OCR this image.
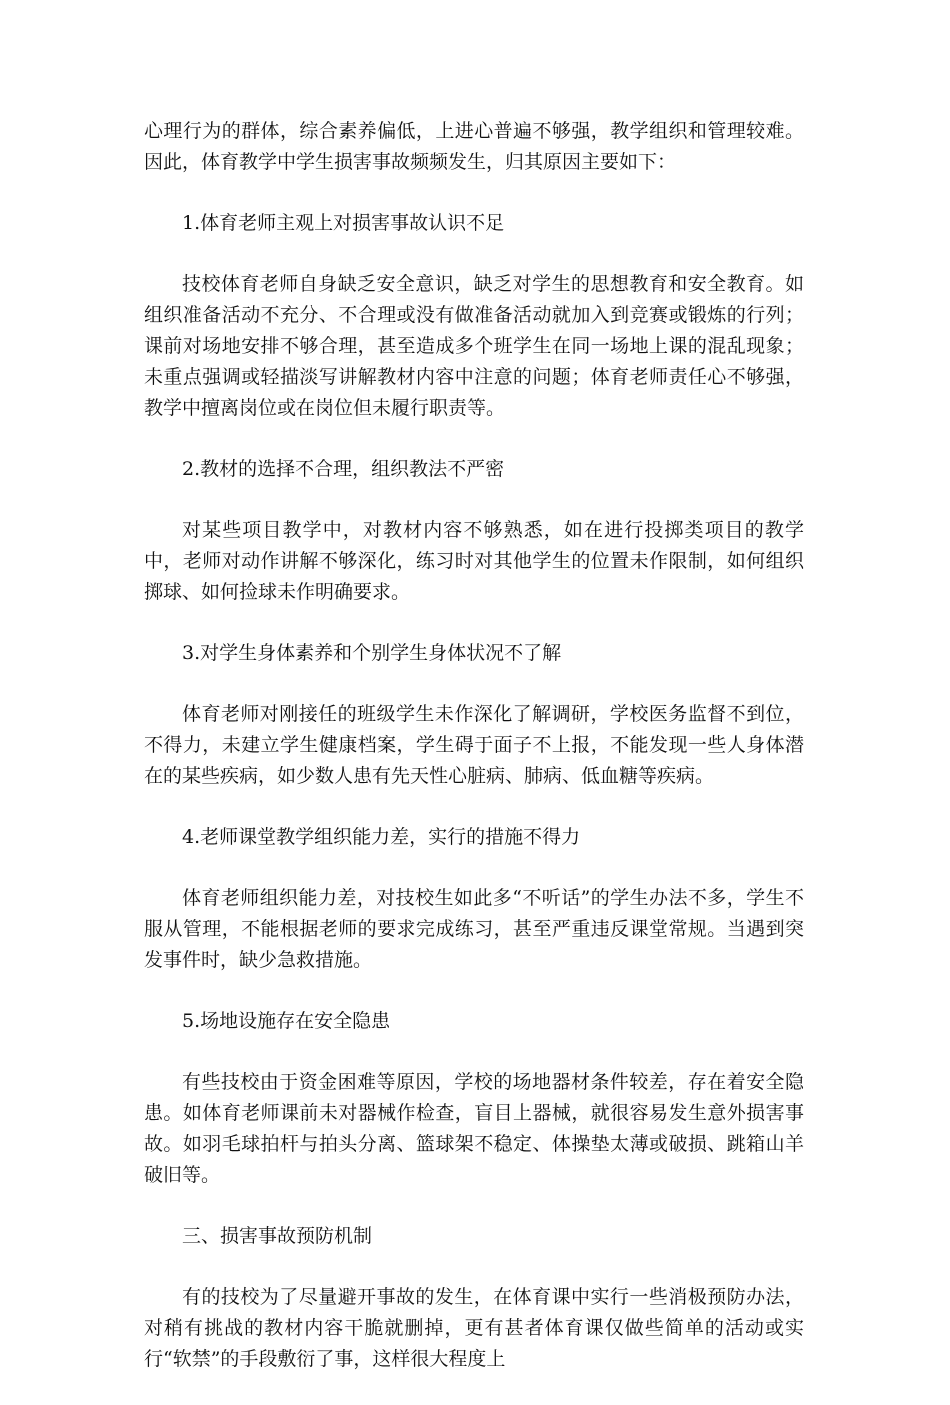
心理行为的群体，综合素养偏低，上进心普遍不够强，教学组织和管理较难。因此，体育教学中学生损害事故频频发生，归其原因主要如下：

1.体育老师主观上对损害事故认识不足

技校体育老师自身缺乏安全意识，缺乏对学生的思想教育和安全教育。如组织准备活动不充分、不合理或没有做准备活动就加入到竞赛或锻炼的行列；课前对场地安排不够合理，甚至造成多个班学生在同一场地上课的混乱现象；未重点强调或轻描淡写讲解教材内容中注意的问题；体育老师责任心不够强，教学中擅离岗位或在岗位但未履行职责等。

2.教材的选择不合理，组织教法不严密

对某些项目教学中，对教材内容不够熟悉，如在进行投掷类项目的教学中，老师对动作讲解不够深化，练习时对其他学生的位置未作限制，如何组织掷球、如何捡球未作明确要求。

3.对学生身体素养和个别学生身体状况不了解

体育老师对刚接任的班级学生未作深化了解调研，学校医务监督不到位，不得力，未建立学生健康档案，学生碍于面子不上报，不能发现一些人身体潜在的某些疾病，如少数人患有先天性心脏病、肺病、低血糖等疾病。

4.老师课堂教学组织能力差，实行的措施不得力

体育老师组织能力差，对技校生如此多“不听话”的学生办法不多，学生不服从管理，不能根据老师的要求完成练习，甚至严重违反课堂常规。当遇到突发事件时，缺少急救措施。

5.场地设施存在安全隐患

有些技校由于资金困难等原因，学校的场地器材条件较差，存在着安全隐患。如体育老师课前未对器械作检查，盲目上器械，就很容易发生意外损害事故。如羽毛球拍杆与拍头分离、篮球架不稳定、体操垫太薄或破损、跳箱山羊破旧等。

三、损害事故预防机制

有的技校为了尽量避开事故的发生，在体育课中实行一些消极预防办法，对稍有挑战的教材内容干脆就删掉，更有甚者体育课仅做些简单的活动或实行“软禁”的手段敷衍了事，这样很大程度上
